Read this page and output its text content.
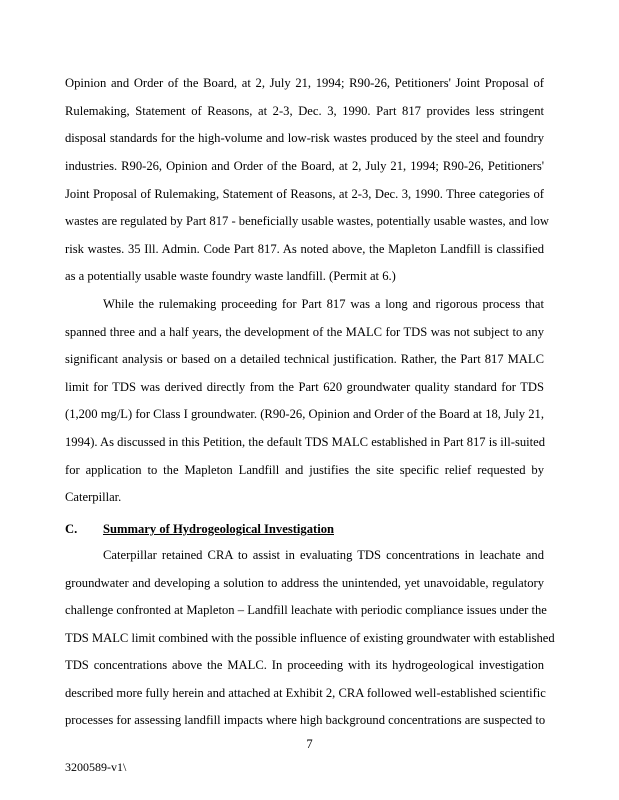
Opinion and Order of the Board, at 2, July 21, 1994; R90-26, Petitioners' Joint Proposal of
Rulemaking, Statement of Reasons, at 2-3, Dec. 3, 1990. Part 817 provides less stringent
disposal standards for the high-volume and low-risk wastes produced by the steel and foundry
industries. R90-26, Opinion and Order of the Board, at 2, July 21, 1994; R90-26, Petitioners'
Joint Proposal of Rulemaking, Statement of Reasons, at 2-3, Dec. 3, 1990. Three categories of
wastes are regulated by Part 817 - beneficially usable wastes, potentially usable wastes, and low
risk wastes. 35 Ill. Admin. Code Part 817. As noted above, the Mapleton Landfill is classified
as a potentially usable waste foundry waste landfill. (Permit at 6.)
While the rulemaking proceeding for Part 817 was a long and rigorous process that
spanned three and a half years, the development of the MALC for TDS was not subject to any
significant analysis or based on a detailed technical justification. Rather, the Part 817 MALC
limit for TDS was derived directly from the Part 620 groundwater quality standard for TDS
(1,200 mg/L) for Class I groundwater. (R90-26, Opinion and Order of the Board at 18, July 21,
1994). As discussed in this Petition, the default TDS MALC established in Part 817 is ill-suited
for application to the Mapleton Landfill and justifies the site specific relief requested by
Caterpillar.
C. Summary of Hydrogeological Investigation
Caterpillar retained CRA to assist in evaluating TDS concentrations in leachate and
groundwater and developing a solution to address the unintended, yet unavoidable, regulatory
challenge confronted at Mapleton – Landfill leachate with periodic compliance issues under the
TDS MALC limit combined with the possible influence of existing groundwater with established
TDS concentrations above the MALC. In proceeding with its hydrogeological investigation
described more fully herein and attached at Exhibit 2, CRA followed well-established scientific
processes for assessing landfill impacts where high background concentrations are suspected to
7
3200589-v1\
